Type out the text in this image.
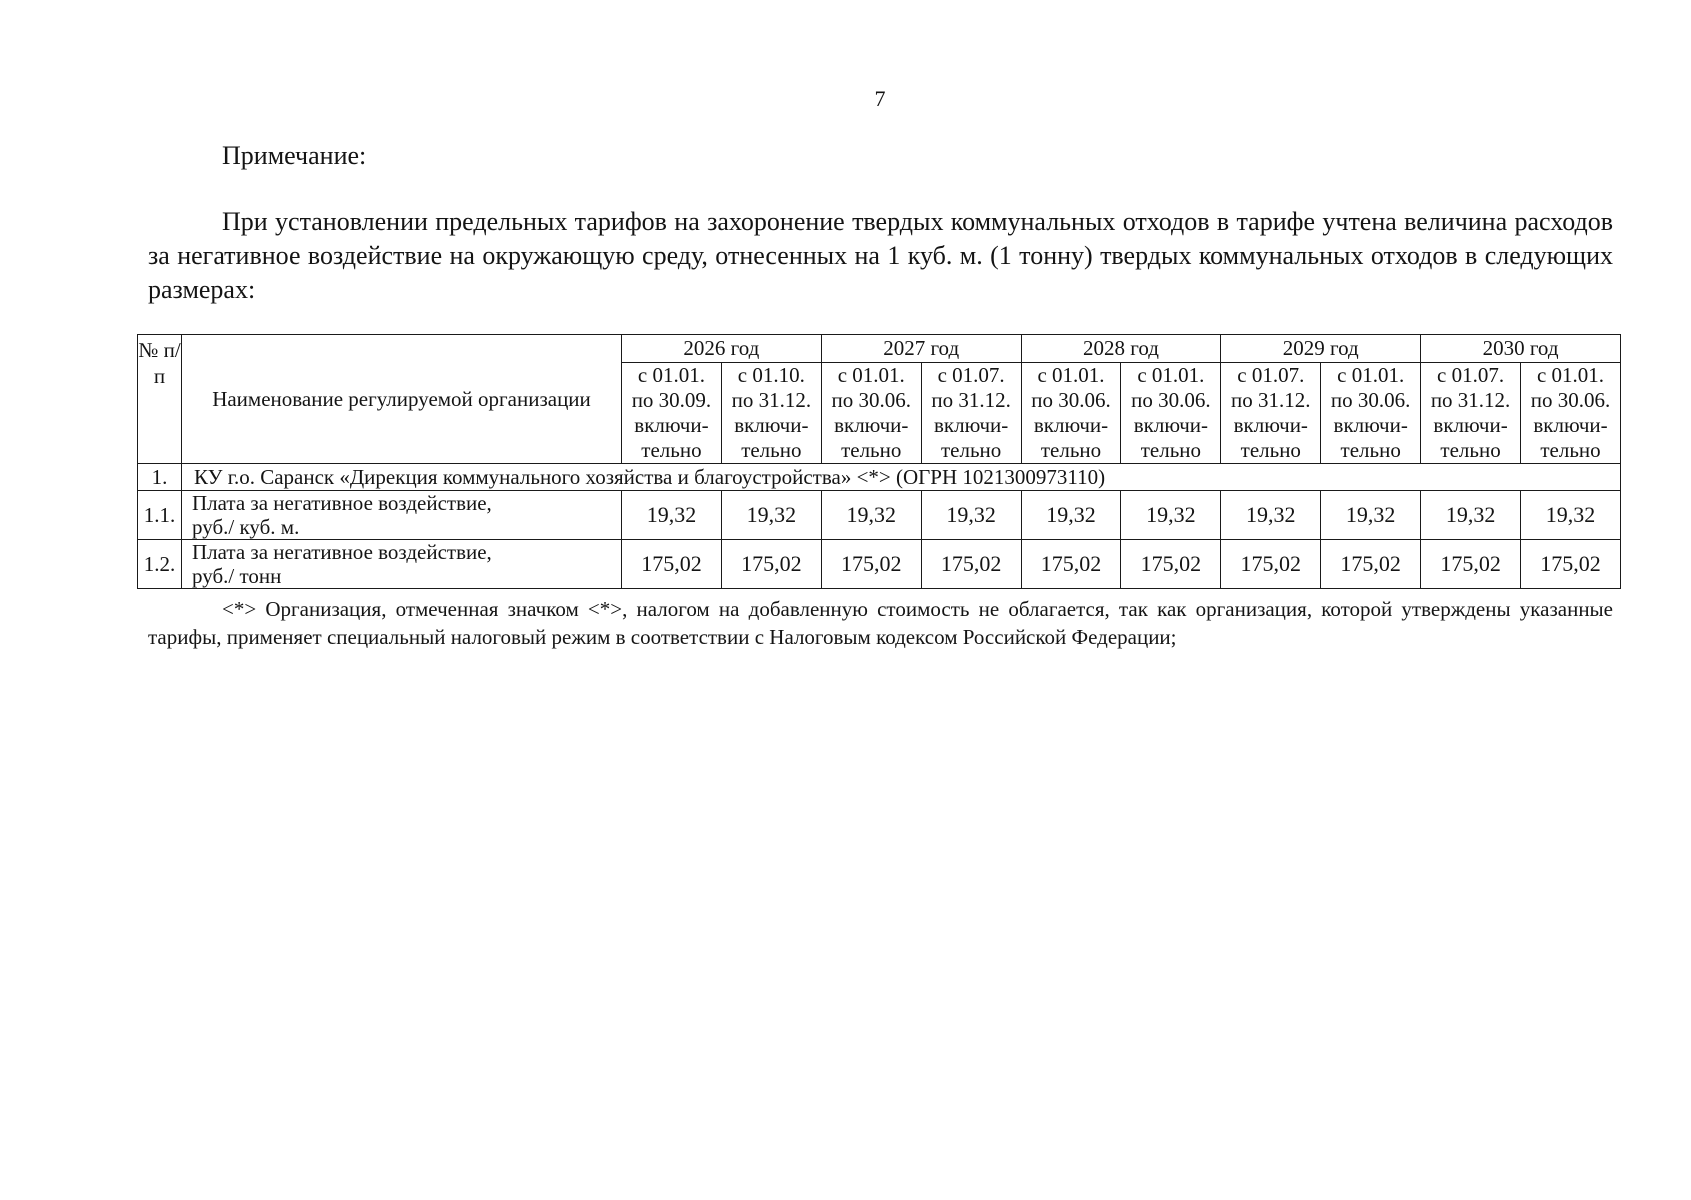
7
Примечание:

При установлении предельных тарифов на захоронение твердых коммунальных отходов в тарифе учтена величина расходов за негативное воздействие на окружающую среду, отнесенных на 1 куб. м. (1 тонну) твердых коммунальных отходов в следующих размерах:

№ п/п	Наименование регулируемой организации	2026 год		2027 год		2028 год		2029 год		2030 год	

		с 01.01.
по 30.09.
включи-
тельно	с 01.10.
по 31.12.
включи-
тельно	с 01.01.
по 30.06.
включи-
тельно	с 01.07.
по 31.12.
включи-
тельно	с 01.01.
по 30.06.
включи-
тельно	с 01.01.
по 30.06.
включи-
тельно	с 01.07.
по 31.12.
включи-
тельно	с 01.01.
по 30.06.
включи-
тельно	с 01.07.
по 31.12.
включи-
тельно	с 01.01.
по 30.06.
включи-
тельно

1.	КУ г.о. Саранск «Дирекция коммунального хозяйства и благоустройства» <*> (ОГРН 1021300973110)										
1.1.	Плата за негативное воздействие,
руб./ куб. м.	19,32	19,32	19,32	19,32	19,32	19,32	19,32	19,32	19,32	19,32
1.2.	Плата за негативное воздействие,
руб./ тонн	175,02	175,02	175,02	175,02	175,02	175,02	175,02	175,02	175,02	175,02

<*> Организация, отмеченная значком <*>, налогом на добавленную стоимость не облагается, так как организация, которой утверждены указанные тарифы, применяет специальный налоговый режим в соответствии с Налоговым кодексом Российской Федерации;
